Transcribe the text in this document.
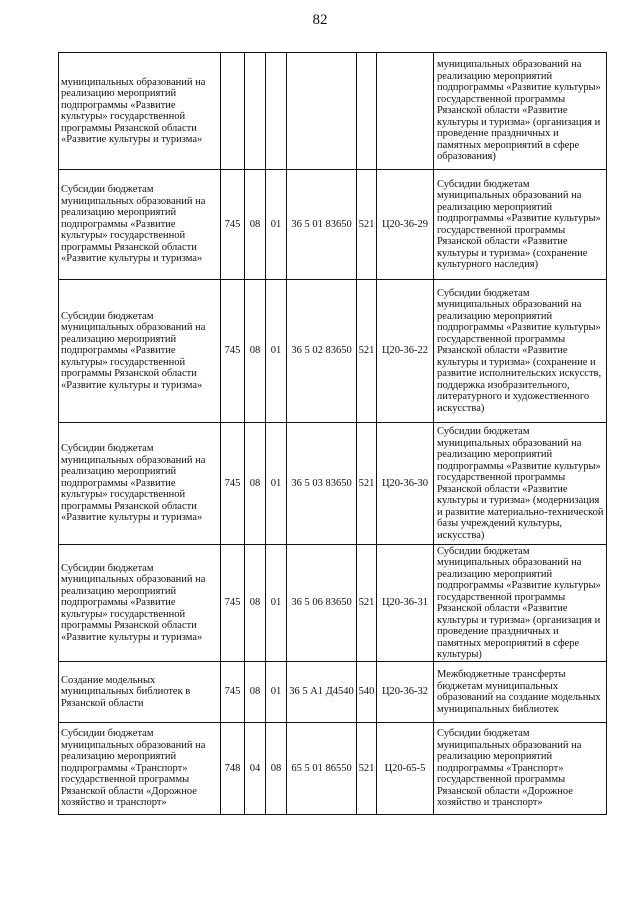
82
муниципальных образований на реализацию мероприятий подпрограммы «Развитие культуры» государственной программы Рязанской области «Развитие культуры и туризма»							муниципальных образований на реализацию мероприятий подпрограммы «Развитие культуры» государственной программы Рязанской области «Развитие культуры и туризма» (организация и проведение праздничных и памятных мероприятий в сфере образования)
Субсидии бюджетам муниципальных образований на реализацию мероприятий подпрограммы «Развитие культуры» государственной программы Рязанской области «Развитие культуры и туризма»	745	08	01	36 5 01 83650	521	Ц20-36-29	Субсидии бюджетам муниципальных образований на реализацию мероприятий подпрограммы «Развитие культуры» государственной программы Рязанской области «Развитие культуры и туризма» (сохранение культурного наследия)
Субсидии бюджетам муниципальных образований на реализацию мероприятий подпрограммы «Развитие культуры» государственной программы Рязанской области «Развитие культуры и туризма»	745	08	01	36 5 02 83650	521	Ц20-36-22	Субсидии бюджетам муниципальных образований на реализацию мероприятий подпрограммы «Развитие культуры» государственной программы Рязанской области «Развитие культуры и туризма» (сохранение и развитие исполнительских искусств, поддержка изобразительного, литературного и художественного искусства)
Субсидии бюджетам муниципальных образований на реализацию мероприятий подпрограммы «Развитие культуры» государственной программы Рязанской области «Развитие культуры и туризма»	745	08	01	36 5 03 83650	521	Ц20-36-30	Субсидии бюджетам муниципальных образований на реализацию мероприятий подпрограммы «Развитие культуры» государственной программы Рязанской области «Развитие культуры и туризма» (модернизация и развитие материально-технической базы учреждений культуры, искусства)
Субсидии бюджетам муниципальных образований на реализацию мероприятий подпрограммы «Развитие культуры» государственной программы Рязанской области «Развитие культуры и туризма»	745	08	01	36 5 06 83650	521	Ц20-36-31	Субсидии бюджетам муниципальных образований на реализацию мероприятий подпрограммы «Развитие культуры» государственной программы Рязанской области «Развитие культуры и туризма» (организация и проведение праздничных и памятных мероприятий в сфере культуры)
Создание модельных муниципальных библиотек в Рязанской области	745	08	01	36 5 А1 Д4540	540	Ц20-36-32	Межбюджетные трансферты бюджетам муниципальных образований на создание модельных муниципальных библиотек
Субсидии бюджетам муниципальных образований на реализацию мероприятий подпрограммы «Транспорт» государственной программы Рязанской области «Дорожное хозяйство и транспорт»	748	04	08	65 5 01 86550	521	Ц20-65-5	Субсидии бюджетам муниципальных образований на реализацию мероприятий подпрограммы «Транспорт» государственной программы Рязанской области «Дорожное хозяйство и транспорт»
